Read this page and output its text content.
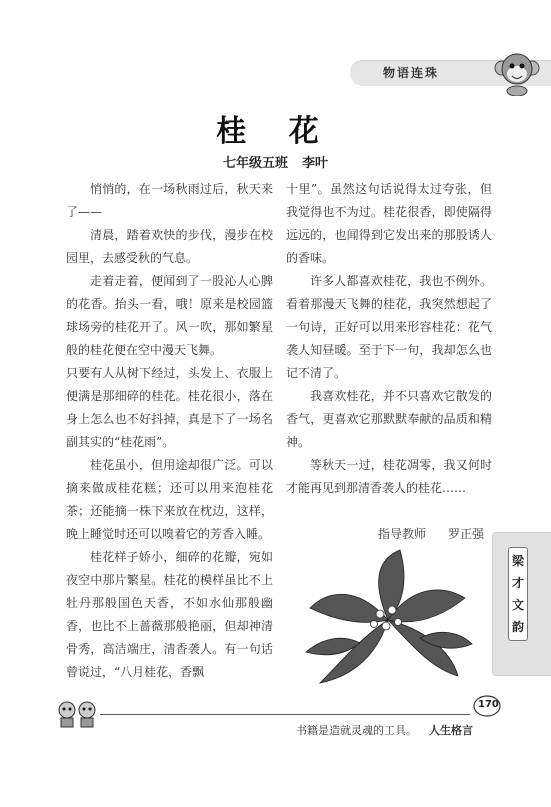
物语连珠
桂 花
七年级五班 李叶

悄悄的，在一场秋雨过后，秋天来了——

清晨，踏着欢快的步伐，漫步在校园里，去感受秋的气息。

走着走着，便闻到了一股沁人心脾的花香。抬头一看，哦！原来是校园篮球场旁的桂花开了。风一吹，那如繁星般的桂花便在空中漫天飞舞。

只要有人从树下经过，头发上、衣服上便满是那细碎的桂花。桂花很小，落在身上怎么也不好抖掉，真是下了一场名副其实的“桂花雨”。

桂花虽小，但用途却很广泛。可以摘来做成桂花糕；还可以用来泡桂花茶；还能摘一株下来放在枕边，这样，晚上睡觉时还可以嗅着它的芳香入睡。

桂花样子娇小，细碎的花瓣，宛如夜空中那片繁星。桂花的模样虽比不上牡丹那般国色天香，不如水仙那般幽香，也比不上蔷薇那般艳丽，但却神清骨秀，高洁端庄，清香袭人。有一句话曾说过，“八月桂花，香飘

十里”。虽然这句话说得太过夸张，但我觉得也不为过。桂花很香，即使隔得远远的，也闻得到它发出来的那股诱人的香味。

许多人都喜欢桂花，我也不例外。看着那漫天飞舞的桂花，我突然想起了一句诗，正好可以用来形容桂花：花气袭人知昼暖。至于下一句，我却怎么也记不清了。

我喜欢桂花，并不只喜欢它散发的香气，更喜欢它那默默奉献的品质和精神。

等秋天一过，桂花凋零，我又何时才能再见到那清香袭人的桂花……

指导教师 罗正强
梁
才
文
韵
170
书籍是造就灵魂的工具。 人生格言
